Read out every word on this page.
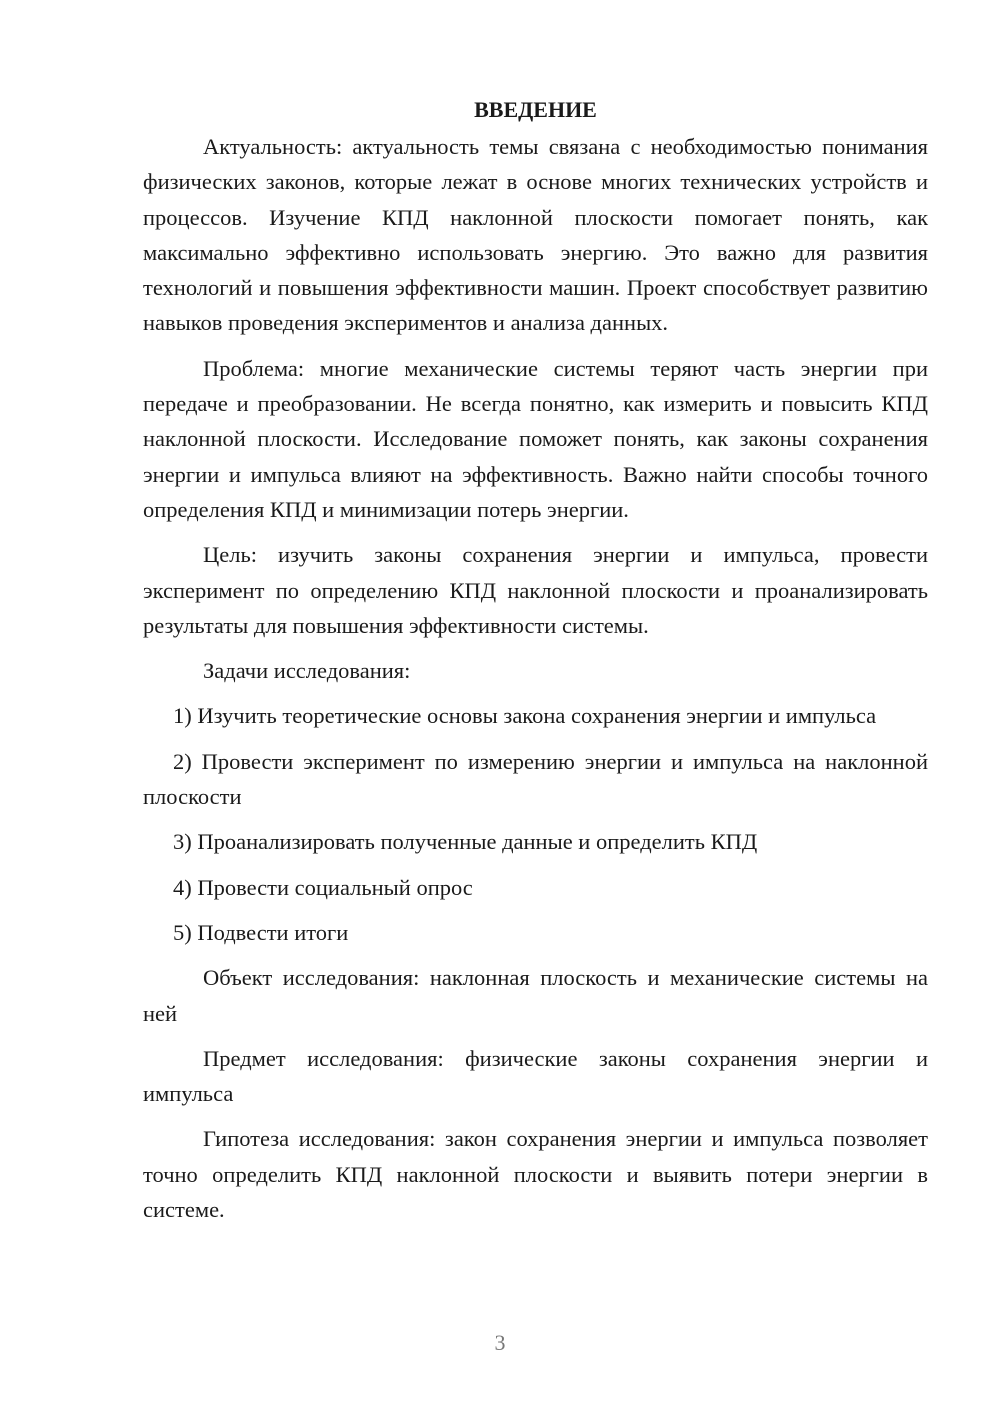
ВВЕДЕНИЕ

Актуальность: актуальность темы связана с необходимостью понимания физических законов, которые лежат в основе многих технических устройств и процессов. Изучение КПД наклонной плоскости помогает понять, как максимально эффективно использовать энергию. Это важно для развития технологий и повышения эффективности машин. Проект способствует развитию навыков проведения экспериментов и анализа данных.

Проблема: многие механические системы теряют часть энергии при передаче и преобразовании. Не всегда понятно, как измерить и повысить КПД наклонной плоскости. Исследование поможет понять, как законы сохранения энергии и импульса влияют на эффективность. Важно найти способы точного определения КПД и минимизации потерь энергии.

Цель: изучить законы сохранения энергии и импульса, провести эксперимент по определению КПД наклонной плоскости и проанализировать результаты для повышения эффективности системы.

Задачи исследования:

1) Изучить теоретические основы закона сохранения энергии и импульса

2) Провести эксперимент по измерению энергии и импульса на наклонной плоскости

3) Проанализировать полученные данные и определить КПД

4) Провести социальный опрос

5) Подвести итоги

Объект исследования: наклонная плоскость и механические системы на ней

Предмет исследования: физические законы сохранения энергии и импульса

Гипотеза исследования: закон сохранения энергии и импульса позволяет точно определить КПД наклонной плоскости и выявить потери энергии в системе.

3
